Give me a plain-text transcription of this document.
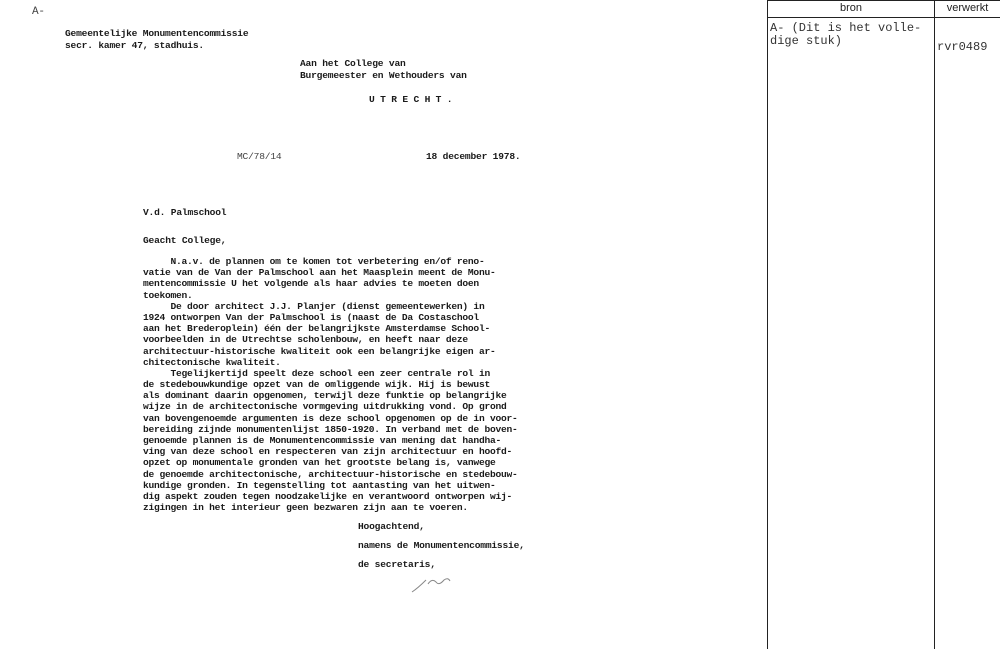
A-
Gemeentelijke Monumentencommissie
secr. kamer 47, stadhuis.
Aan het College van
Burgemeester en Wethouders van
U T R E C H T .
MC/78/14	18 december 1978.
V.d. Palmschool
Geacht College,
N.a.v. de plannen om te komen tot verbetering en/of reno-
vatie van de Van der Palmschool aan het Maasplein meent de Monu-
mentencommissie U het volgende als haar advies te moeten doen
toekomen.
De door architect J.J. Planjer (dienst gemeentewerken) in
1924 ontworpen Van der Palmschool is (naast de Da Costaschool
aan het Brederoplein) één der belangrijkste Amsterdamse School-
voorbeelden in de Utrechtse scholenbouw, en heeft naar deze
architectuur-historische kwaliteit ook een belangrijke eigen ar-
chitectonische kwaliteit.
Tegelijkertijd speelt deze school een zeer centrale rol in
de stedebouwkundige opzet van de omliggende wijk. Hij is bewust
als dominant daarin opgenomen, terwijl deze funktie op belangrijke
wijze in de architectonische vormgeving uitdrukking vond. Op grond
van bovengenoemde argumenten is deze school opgenomen op de in voor-
bereiding zijnde monumentenlijst 1850-1920. In verband met de boven-
genoemde plannen is de Monumentencommissie van mening dat handha-
ving van deze school en respecteren van zijn architectuur en hoofd-
opzet op monumentale gronden van het grootste belang is, vanwege
de genoemde architectonische, architectuur-historische en stedebouw-
kundige gronden. In tegenstelling tot aantasting van het uitwen-
dig aspekt zouden tegen noodzakelijke en verantwoord ontworpen wij-
zigingen in het interieur geen bezwaren zijn aan te voeren.
Hoogachtend,
namens de Monumentencommissie,
de secretaris,
bron	verwerkt
A- (Dit is het volle-
dige stuk)	rvr0489
